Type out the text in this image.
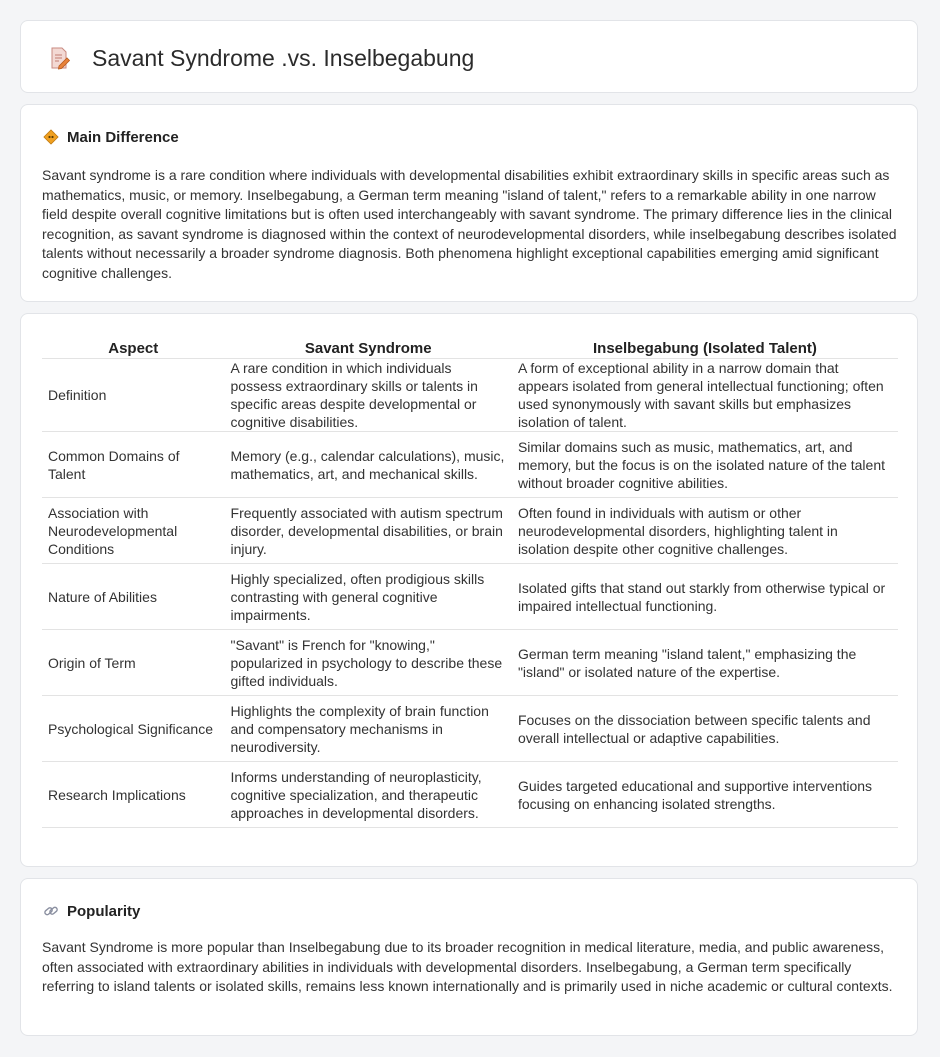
Savant Syndrome .vs. Inselbegabung
Main Difference

Savant syndrome is a rare condition where individuals with developmental disabilities exhibit extraordinary skills in specific areas such as mathematics, music, or memory. Inselbegabung, a German term meaning "island of talent," refers to a remarkable ability in one narrow field despite overall cognitive limitations but is often used interchangeably with savant syndrome. The primary difference lies in the clinical recognition, as savant syndrome is diagnosed within the context of neurodevelopmental disorders, while inselbegabung describes isolated talents without necessarily a broader syndrome diagnosis. Both phenomena highlight exceptional capabilities emerging amid significant cognitive challenges.

Aspect	Savant Syndrome	Inselbegabung (Isolated Talent)
Definition	A rare condition in which individuals possess extraordinary skills or talents in specific areas despite developmental or cognitive disabilities.	A form of exceptional ability in a narrow domain that appears isolated from general intellectual functioning; often used synonymously with savant skills but emphasizes isolation of talent.
Common Domains of Talent	Memory (e.g., calendar calculations), music, mathematics, art, and mechanical skills.	Similar domains such as music, mathematics, art, and memory, but the focus is on the isolated nature of the talent without broader cognitive abilities.
Association with Neurodevelopmental Conditions	Frequently associated with autism spectrum disorder, developmental disabilities, or brain injury.	Often found in individuals with autism or other neurodevelopmental disorders, highlighting talent in isolation despite other cognitive challenges.
Nature of Abilities	Highly specialized, often prodigious skills contrasting with general cognitive impairments.	Isolated gifts that stand out starkly from otherwise typical or impaired intellectual functioning.
Origin of Term	"Savant" is French for "knowing," popularized in psychology to describe these gifted individuals.	German term meaning "island talent," emphasizing the "island" or isolated nature of the expertise.
Psychological Significance	Highlights the complexity of brain function and compensatory mechanisms in neurodiversity.	Focuses on the dissociation between specific talents and overall intellectual or adaptive capabilities.
Research Implications	Informs understanding of neuroplasticity, cognitive specialization, and therapeutic approaches in developmental disorders.	Guides targeted educational and supportive interventions focusing on enhancing isolated strengths.
Popularity

Savant Syndrome is more popular than Inselbegabung due to its broader recognition in medical literature, media, and public awareness, often associated with extraordinary abilities in individuals with developmental disorders. Inselbegabung, a German term specifically referring to island talents or isolated skills, remains less known internationally and is primarily used in niche academic or cultural contexts.
